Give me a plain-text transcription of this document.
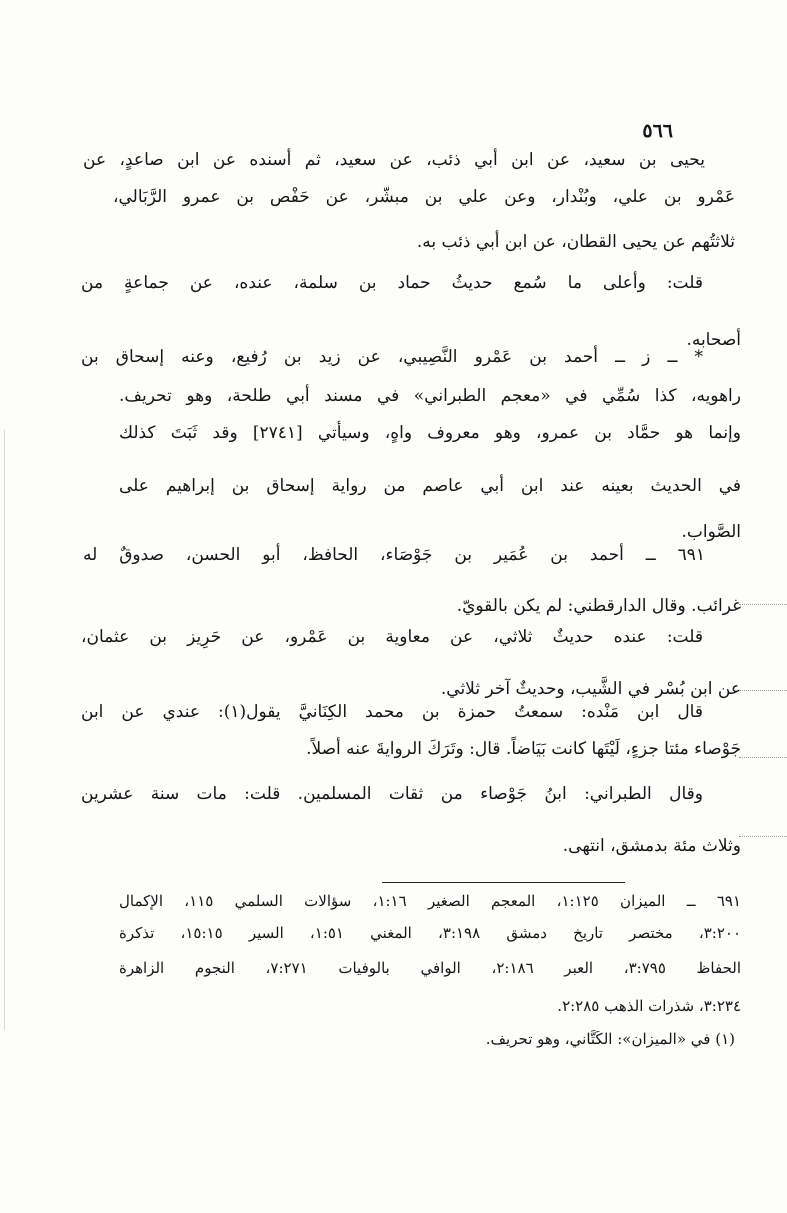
٥٦٦
يحيى بن سعيد، عن ابن أبي ذئب، عن سعيد، ثم أسنده عن ابن صاعدٍ، عن
عَمْرو بن علي، وبُنْدار، وعن علي بن مبشّر، عن حَفْص بن عمرو الرَّبَالي،
ثلاثتُهم عن يحيى القطان، عن ابن أبي ذئب به.
قلت: وأعلى ما سُمع حديثُ حماد بن سلمة، عنده، عن جماعةٍ من
أصحابه.
* ــ ز ــ أحمد بن عَمْرو النَّصِيبي، عن زيد بن رُفيع، وعنه إسحاق بن
راهويه، كذا سُمِّي في «معجم الطبراني» في مسند أبي طلحة، وهو تحريف.
وإنما هو حمَّاد بن عمرو، وهو معروف واهٍ، وسيأتي [٢٧٤١] وقد ثَبَتَ كذلك
في الحديث بعينه عند ابن أبي عاصم من رواية إسحاق بن إبراهيم على
الصَّواب.
٦٩١ ــ أحمد بن عُمَير بن جَوْصَاء، الحافظ، أبو الحسن، صدوقٌ له
غرائب. وقال الدارقطني: لم يكن بالقويّ.
قلت: عنده حديثٌ ثلاثي، عن معاوية بن عَمْرو، عن حَرِيز بن عثمان،
عن ابن بُسْر في الشَّيب، وحديثٌ آخر ثلاثي.
قال ابن مَنْده: سمعتُ حمزة بن محمد الكِنَانيَّ يقول(١): عندي عن ابن
جَوْصاء مئتا جزءٍ، لَيْتَها كانت بَيَاضاً. قال: وتَرَكَ الروايةَ عنه أصلاً.
وقال الطبراني: ابنُ جَوْصاء من ثقات المسلمين. قلت: مات سنة عشرين
وثلاث مئة بدمشق، انتهى.
٦٩١ ــ الميزان ١:١٢٥، المعجم الصغير ١:١٦، سؤالات السلمي ١١٥، الإكمال
٣:٢٠٠، مختصر تاريخ دمشق ٣:١٩٨، المغني ١:٥١، السير ١٥:١٥، تذكرة
الحفاظ ٣:٧٩٥، العبر ٢:١٨٦، الوافي بالوفيات ٧:٢٧١، النجوم الزاهرة
٣:٢٣٤، شذرات الذهب ٢:٢٨٥.
(١) في «الميزان»: الكَتَّاني، وهو تحريف.
